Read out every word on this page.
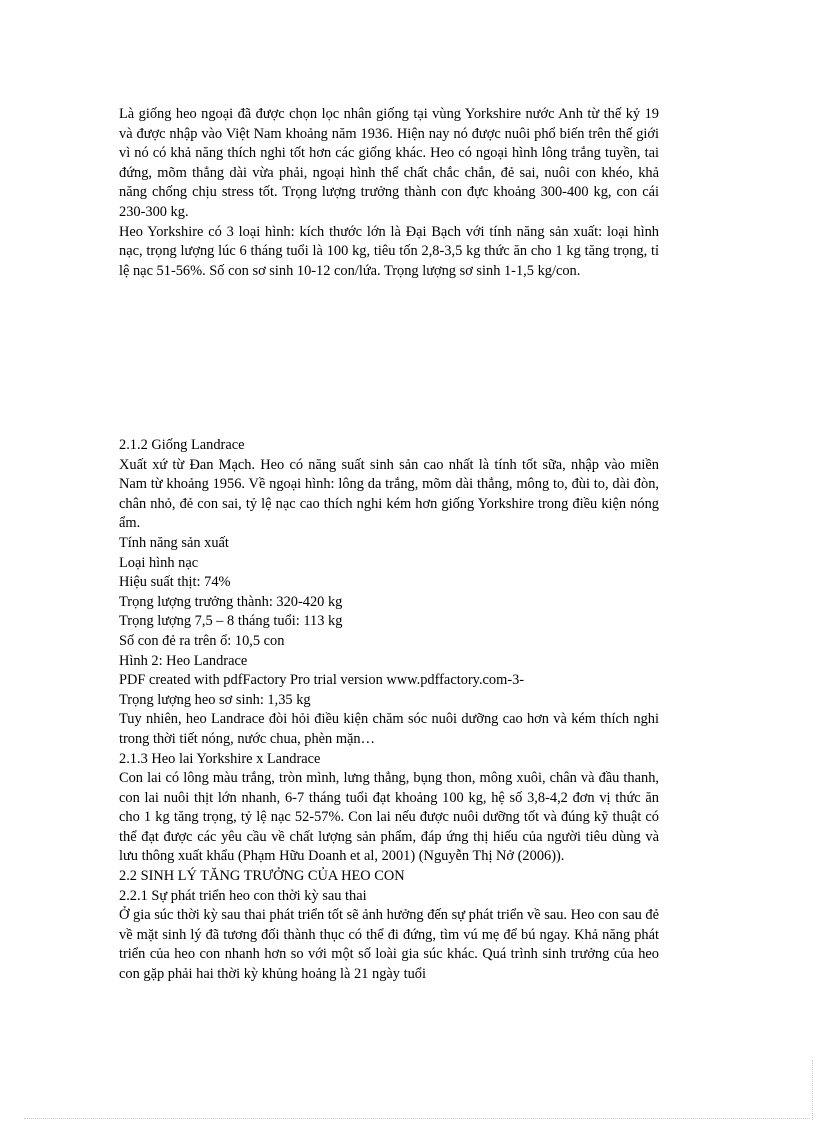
Là giống heo ngoại đã được chọn lọc nhân giống tại vùng Yorkshire nước Anh từ thế kỷ 19 và được nhập vào Việt Nam khoảng năm 1936. Hiện nay nó được nuôi phổ biến trên thế giới vì nó có khả năng thích nghi tốt hơn các giống khác. Heo có ngoại hình lông trắng tuyền, tai đứng, mõm thẳng dài vừa phải, ngoại hình thể chất chắc chắn, đẻ sai, nuôi con khéo, khả năng chống chịu stress tốt. Trọng lượng trưởng thành con đực khoảng 300-400 kg, con cái 230-300 kg.

Heo Yorkshire có 3 loại hình: kích thước lớn là Đại Bạch với tính năng sản xuất: loại hình nạc, trọng lượng lúc 6 tháng tuổi là 100 kg, tiêu tốn 2,8-3,5 kg thức ăn cho 1 kg tăng trọng, tỉ lệ nạc 51-56%. Số con sơ sinh 10-12 con/lứa. Trọng lượng sơ sinh 1-1,5 kg/con.

2.1.2 Giống Landrace

Xuất xứ từ Đan Mạch. Heo có năng suất sinh sản cao nhất là tính tốt sữa, nhập vào miền Nam từ khoảng 1956. Về ngoại hình: lông da trắng, mõm dài thẳng, mông to, đùi to, dài đòn, chân nhỏ, đẻ con sai, tỷ lệ nạc cao thích nghi kém hơn giống Yorkshire trong điều kiện nóng ẩm.

Tính năng sản xuất

Loại hình nạc

Hiệu suất thịt: 74%

Trọng lượng trưởng thành: 320-420 kg

Trọng lượng 7,5 – 8 tháng tuổi: 113 kg

Số con đẻ ra trên ổ: 10,5 con

Hình 2: Heo Landrace

PDF created with pdfFactory Pro trial version www.pdffactory.com-3-

Trọng lượng heo sơ sinh: 1,35 kg

Tuy nhiên, heo Landrace đòi hỏi điều kiện chăm sóc nuôi dưỡng cao hơn và kém thích nghi trong thời tiết nóng, nước chua, phèn mặn…

2.1.3 Heo lai Yorkshire x Landrace

Con lai có lông màu trắng, tròn mình, lưng thẳng, bụng thon, mông xuôi, chân và đầu thanh, con lai nuôi thịt lớn nhanh, 6-7 tháng tuổi đạt khoảng 100 kg, hệ số 3,8-4,2 đơn vị thức ăn cho 1 kg tăng trọng, tỷ lệ nạc 52-57%. Con lai nếu được nuôi dưỡng tốt và đúng kỹ thuật có thể đạt được các yêu cầu về chất lượng sản phẩm, đáp ứng thị hiếu của người tiêu dùng và lưu thông xuất khẩu (Phạm Hữu Doanh et al, 2001) (Nguyễn Thị Nở (2006)).

2.2 SINH LÝ TĂNG TRƯỞNG CỦA HEO CON

2.2.1 Sự phát triển heo con thời kỳ sau thai

Ở gia súc thời kỳ sau thai phát triển tốt sẽ ảnh hưởng đến sự phát triển về sau. Heo con sau đẻ về mặt sinh lý đã tương đối thành thục có thể đi đứng, tìm vú mẹ để bú ngay. Khả năng phát triển của heo con nhanh hơn so với một số loài gia súc khác. Quá trình sinh trưởng của heo con gặp phải hai thời kỳ khủng hoảng là 21 ngày tuổi
